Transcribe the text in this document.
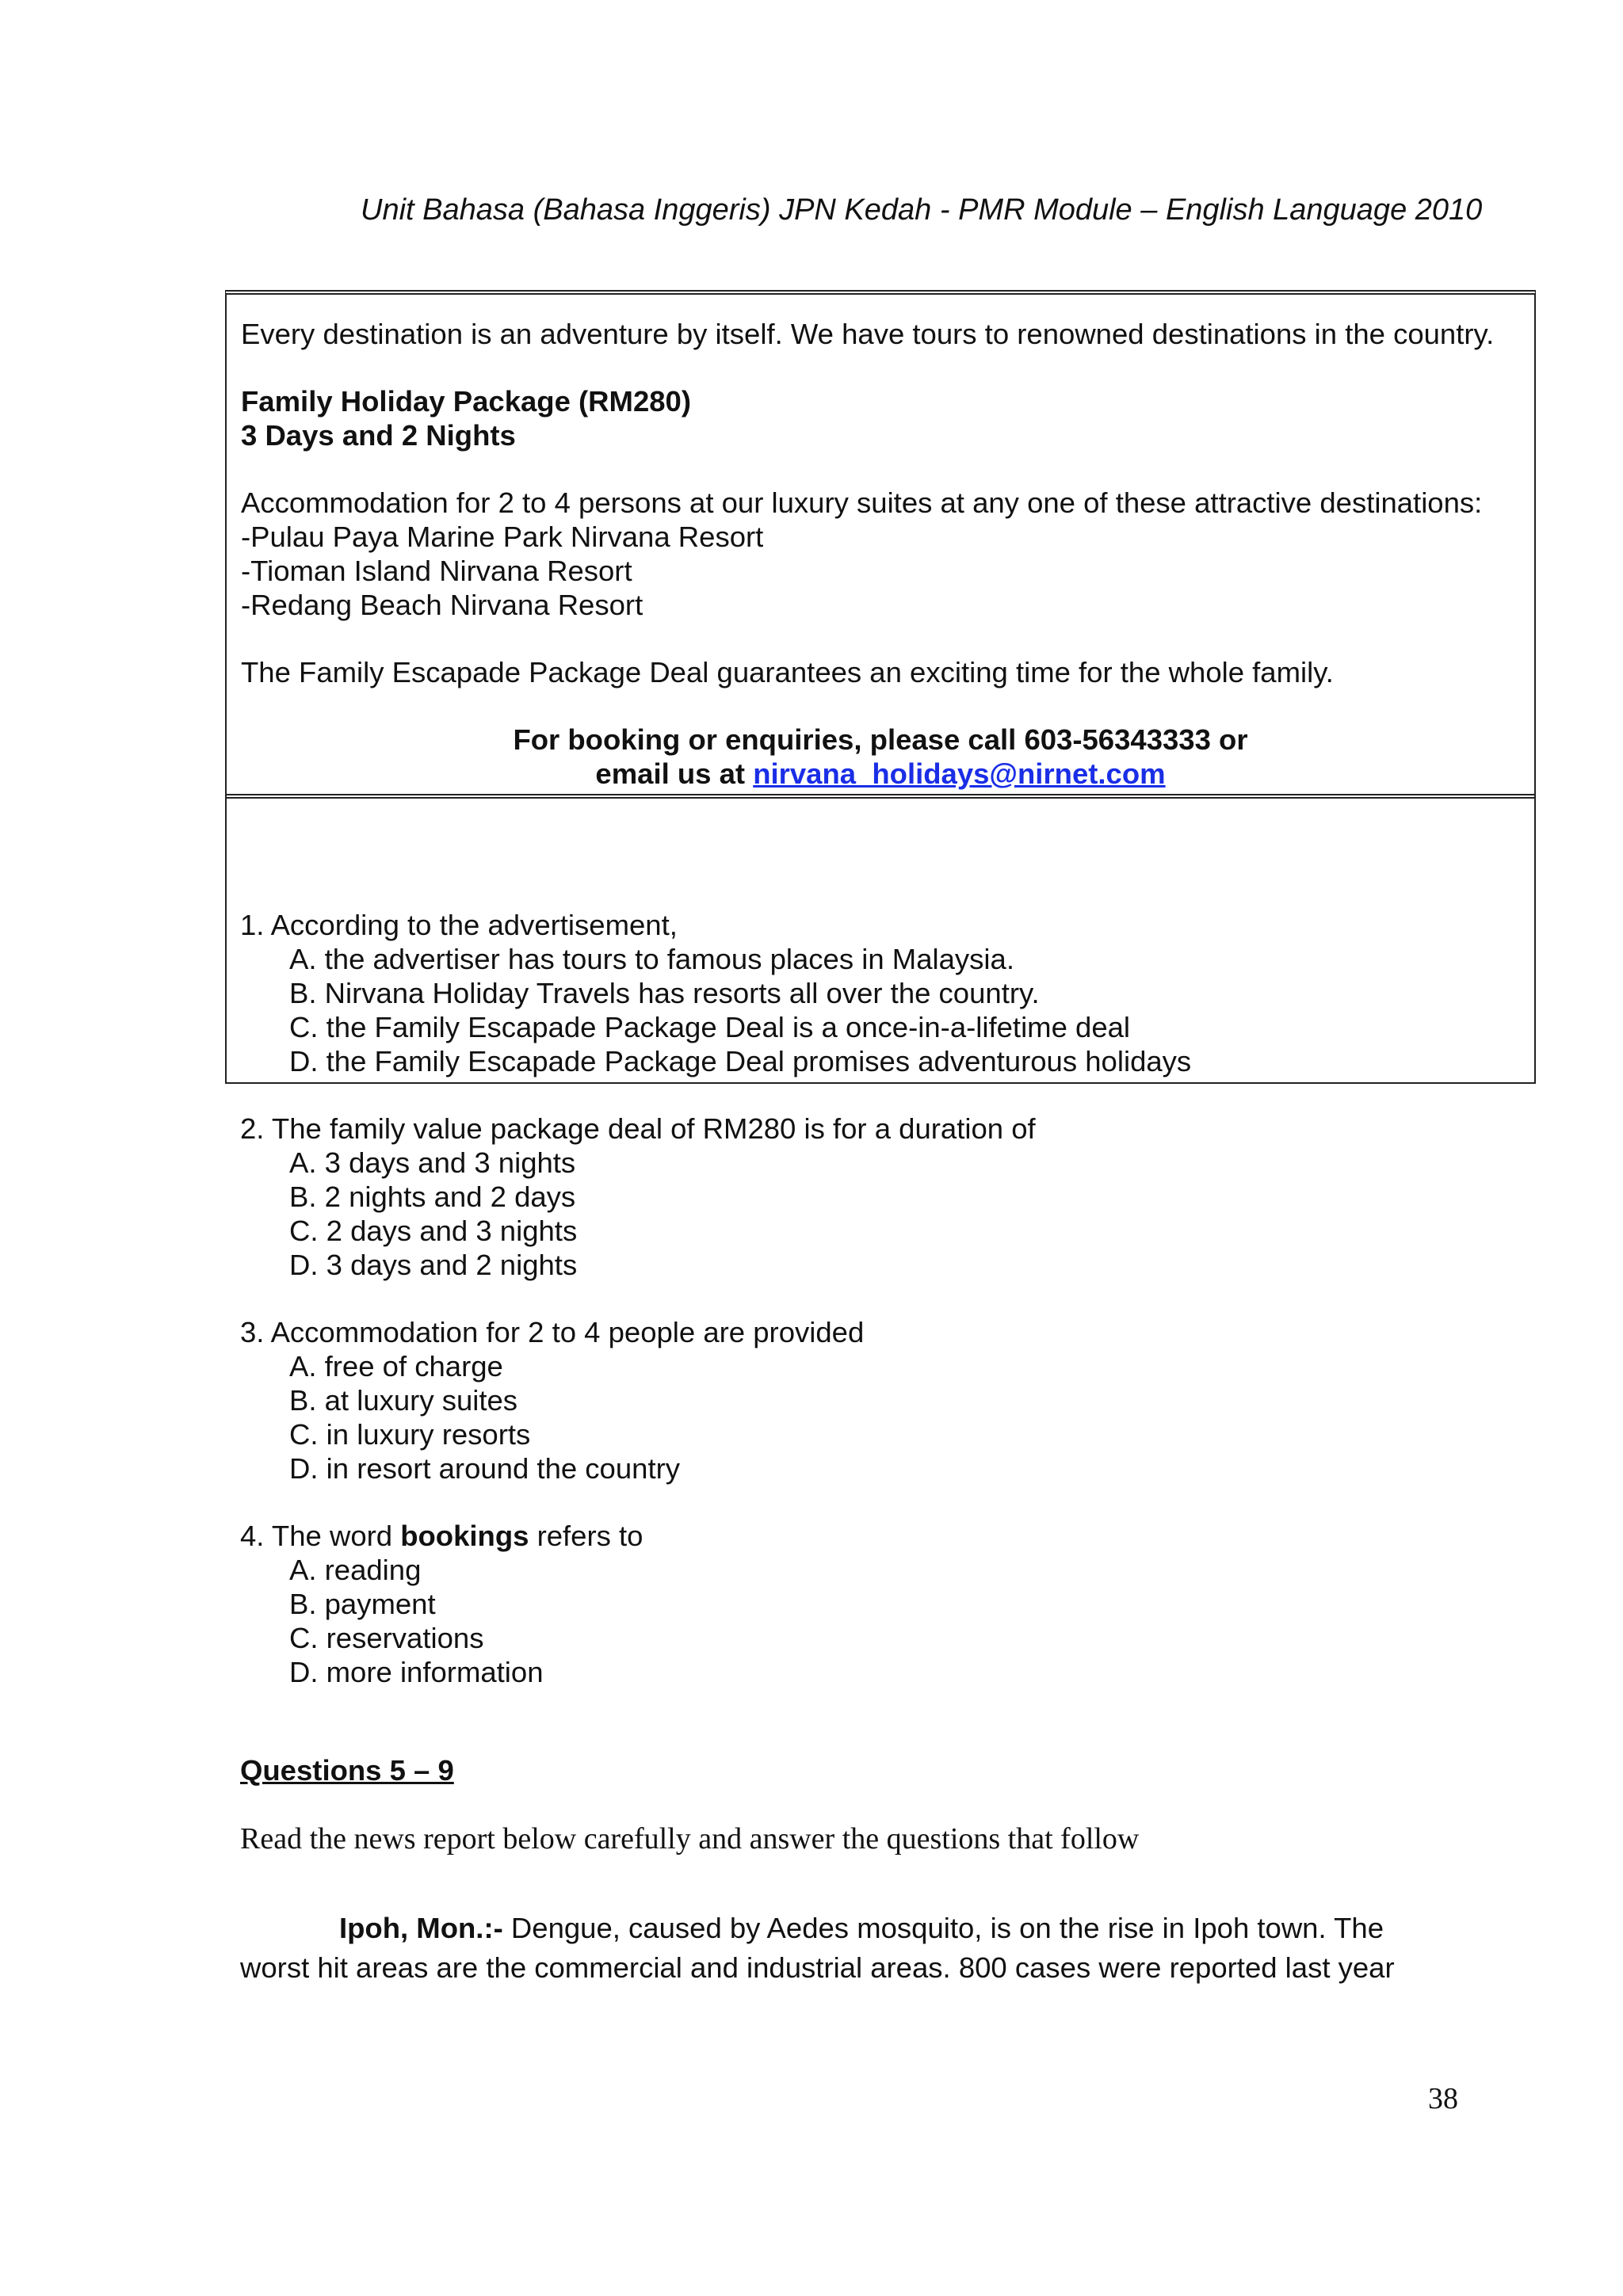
Unit Bahasa (Bahasa Inggeris) JPN Kedah - PMR Module – English Language 2010
Every destination is an adventure by itself. We have tours to renowned destinations in the country.
Family Holiday Package (RM280)
3 Days and 2 Nights
Accommodation for 2 to 4 persons at our luxury suites at any one of these attractive destinations:
-Pulau Paya Marine Park Nirvana Resort
-Tioman Island Nirvana Resort
-Redang Beach Nirvana Resort
The Family Escapade Package Deal guarantees an exciting time for the whole family.
For booking or enquiries, please call 603-56343333 or
email us at nirvana_holidays@nirnet.com
1. According to the advertisement,
A. the advertiser has tours to famous places in Malaysia.
B. Nirvana Holiday Travels has resorts all over the country.
C. the Family Escapade Package Deal is a once-in-a-lifetime deal
D. the Family Escapade Package Deal promises adventurous holidays
2. The family value package deal of RM280 is for a duration of
A. 3 days and 3 nights
B. 2 nights and 2 days
C. 2 days and 3 nights
D. 3 days and 2 nights
3. Accommodation for 2 to 4 people are provided
A. free of charge
B. at luxury suites
C. in luxury resorts
D. in resort around the country
4. The word bookings refers to
A. reading
B. payment
C. reservations
D. more information
Questions 5 – 9
Read the news report below carefully and answer the questions that follow
Ipoh, Mon.:- Dengue, caused by Aedes mosquito, is on the rise in Ipoh town. The
worst hit areas are the commercial and industrial areas. 800 cases were reported last year
38
